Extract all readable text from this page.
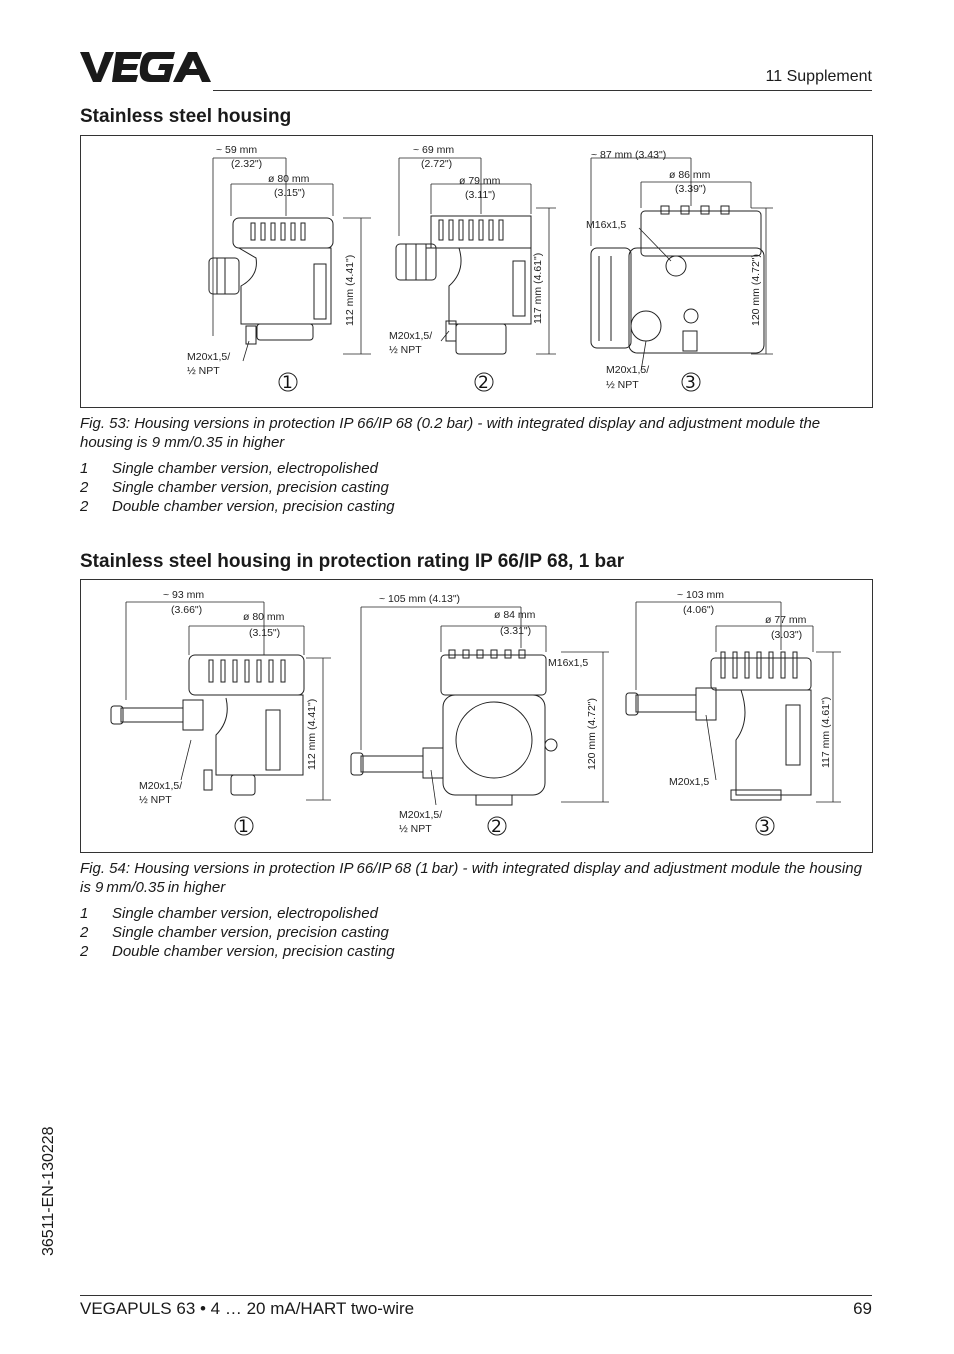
11 Supplement
Stainless steel housing
~ 59 mm
(2.32")
ø 80 mm
(3.15")
112 mm (4.41")
M20x1,5/
½ NPT
~ 69 mm
(2.72")
ø 79 mm
(3.11")
117 mm (4.61")
M20x1,5/
½ NPT
~ 87 mm (3.43")
ø 86 mm
(3.39")
M16x1,5
120 mm (4.72")
M20x1,5/
½ NPT
1	2	3
Fig. 53: Housing versions in protection IP 66/IP 68 (0.2 bar) - with integrated display and adjustment module the housing is 9 mm/0.35 in higher
1	Single chamber version, electropolished
2	Single chamber version, precision casting
2	Double chamber version, precision casting
Stainless steel housing in protection rating IP 66/IP 68, 1 bar
~ 93 mm
(3.66")
ø 80 mm
(3.15")
112 mm (4.41")
M20x1,5/
½ NPT
~ 105 mm (4.13")
ø 84 mm
(3.31")
M16x1,5
120 mm (4.72")
M20x1,5/
½ NPT
~ 103 mm
(4.06")
ø 77 mm
(3.03")
117 mm (4.61")
M20x1,5
1	2	3
Fig. 54: Housing versions in protection IP 66/IP 68 (1 bar) - with integrated display and adjustment module the housing is 9 mm/0.35 in higher
1	Single chamber version, electropolished
2	Single chamber version, precision casting
2	Double chamber version, precision casting
36511-EN-130228
VEGAPULS 63 • 4 … 20 mA/HART two-wire	69
